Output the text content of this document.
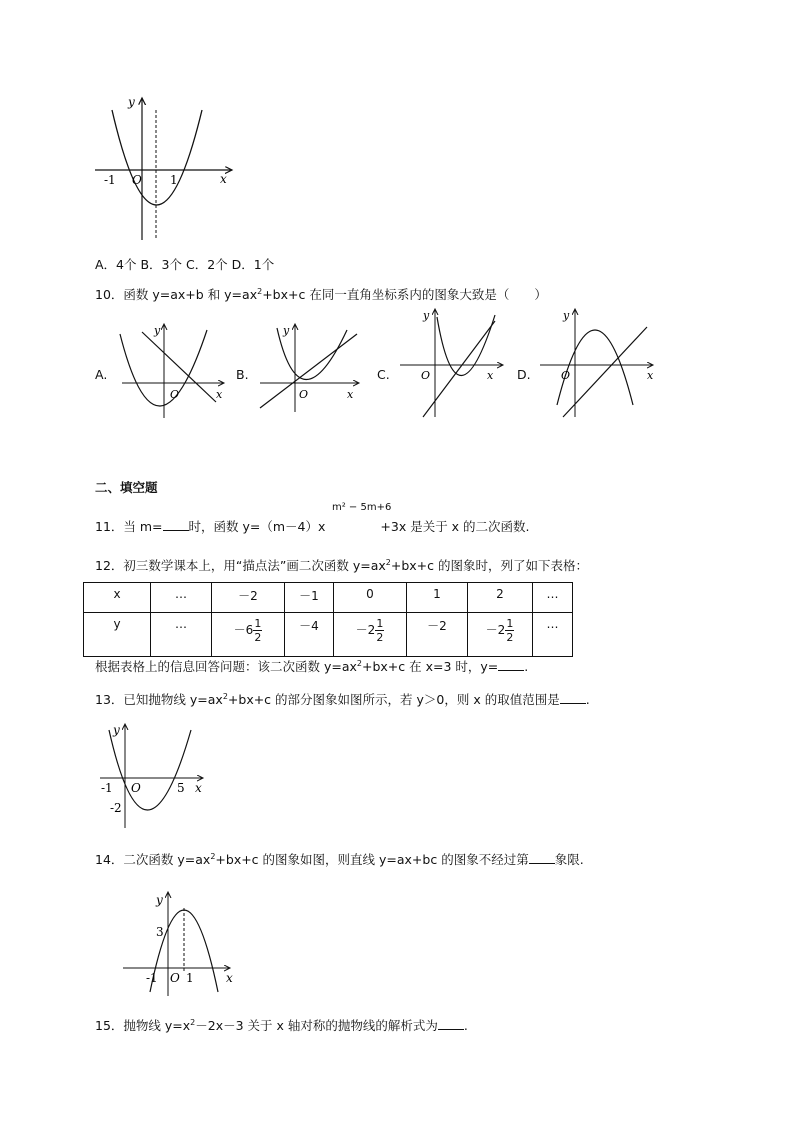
y
x
O
-1	1
A．4个 B．3个 C．2个 D．1个
10．函数 y=ax+b 和 $y=ax^2+bx+c$ 在同一直角坐标系内的图象大致是（　　）
A.
y
x
O
B.
y
x
O
C.
y
x
O	D.
y
x
O
二、填空题
m² − 5m+6
11．当 m= 时，函数 y=（m－4）x	+3x 是关于 x 的二次函数.
12．初三数学课本上，用“描点法”画二次函数 $y=ax^2+bx+c$ 的图象时，列了如下表格：
x	…	－2	－1	0	1	2	…
y	…	$-6 \frac{1}{2}$	－4	$-2 \frac{1}{2}$	－2	$-2 \frac{1}{2}$	…
根据表格上的信息回答问题：该二次函数 $y=ax^2+bx+c$ 在 x=3 时，y= .
13．已知抛物线 $y=ax^2+bx+c$ 的部分图象如图所示，若 y＞0，则 x 的取值范围是 .
y
x
O
-1	5
-2
14．二次函数 $y=ax^2+bx+c$ 的图象如图，则直线 y=ax+bc 的图象不经过第 象限.
y
x
O
-1 1
3
15．抛物线 $y=x^2-2x-3$ 关于 x 轴对称的抛物线的解析式为 .
